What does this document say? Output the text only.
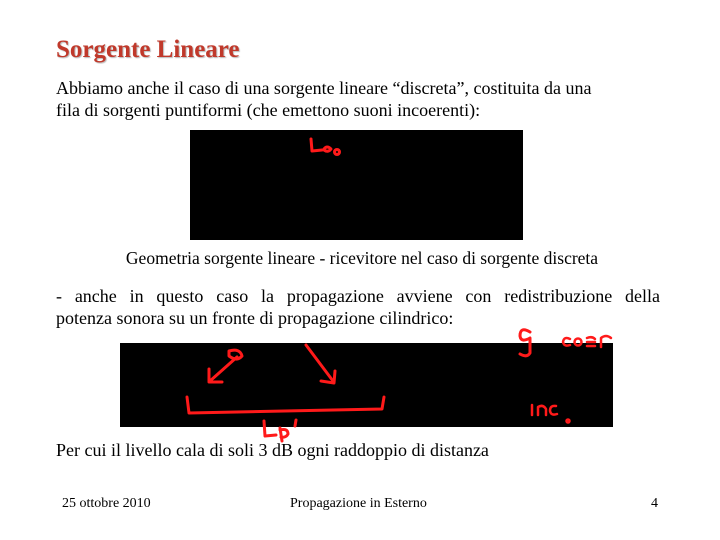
Sorgente Lineare
Abbiamo anche il caso di una sorgente lineare “discreta”, costituita da una
fila di sorgenti puntiformi (che emettono suoni incoerenti):
Geometria sorgente lineare - ricevitore nel caso di sorgente discreta
- anche in questo caso la propagazione avviene con redistribuzione della
potenza sonora su un fronte di propagazione cilindrico:
Per cui il livello cala di soli 3 dB ogni raddoppio di distanza
25 ottobre 2010	Propagazione in Esterno	4
